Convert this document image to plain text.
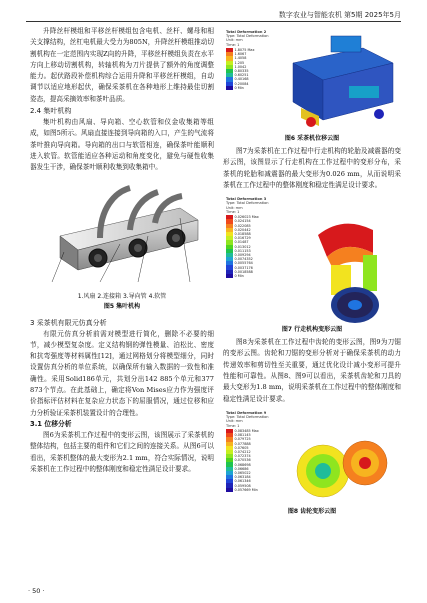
数字农业与智能农机 第5期 2025年5月

升降丝杆模组和平移丝杆模组包含电机、丝杆、螺母和相关支撑结构，丝杠电机最大受力为805N，升降丝杆模组推动切割机构在一定范围内实现Z向的升降，平移丝杆模组负责在水平方向上移动切割机构，转轴机构为刀片提供了额外的角度调整能力。起伏路段补偿机构综合运用升降和平移丝杆模组，自动调节以适应地形起伏，确保采茶机在各种地形上维持最佳切割姿态，提高采摘效率和茶叶品质。

2.4 集叶机构

集叶机构由风扇、导向箱、空心软管和仪金收集箱等组成，如图5所示。风扇直接连接到导向箱的入口，产生的气流将茶叶推向导向箱。导向箱的出口与软管相连，确保茶叶能顺利进入软管。软管能适应各种运动和角度变化，避免与硬性收集器发生干涉，确保茶叶顺利收集到收集箱中。

1.风扇 2.连接箱 3.导向管 4.软管
图5 集叶机构
3 采茶机有限元仿真分析

有限元仿真分析前需对模型进行简化，删除不必要的细节，减少模型复杂度。定义结构钢的弹性模量、泊松比、密度和抗弯强度等材料属性[12]，通过网格划分将模型细分，同时设置仿真分析的单位系统，以确保所有输入数据的一致性和准确性。采用Solid186单元，共划分出142 885个单元和377 873个节点。在此基础上，确定将Von Mises应力作为强度评价指标评估材料在复杂应力状态下的屈服情况，通过位移和应力分析验证采茶机装置设计的合理性。

3.1 位移分析

图6为采茶机工作过程中的变形云图，该图展示了采茶机的整体结构，包括主要的组件和它们之间的连接关系。从图6可以看出，采茶机整体的最大变形为2.1 mm，符合实际情况，说明采茶机在工作过程中的整体刚度和稳定性满足设计要求。

Total Deformation 2
Type: Total Deformation
Unit: mm
Time: 1
1.8075 Max
1.6067
1.4058
1.205
1.0042
0.80335
0.60251
0.40168
0.20084
0 Min
图6 采茶机位移云图

图7为采茶机在工作过程中行走机构的轮胎及减震器的变形云图，该图显示了行走机构在工作过程中的变形分布，采茶机的轮胎和减震器的最大变形为0.026 mm，从而说明采茶机在工作过程中的整体刚度和稳定性满足设计要求。

Total Deformation 3
Type: Total Deformation
Unit: mm
Time: 1
0.026023 Max
0.024154
0.022085
0.020442
0.018588
0.016729
0.01487
0.013012
0.011153
0.009294
0.0074352
0.0055764
0.0037176
0.0018588
0 Min
图7 行走机构变形云图

图8为采茶机在工作过程中齿轮的变形云图，图9为刀锯的变形云图。齿轮和刀锯的变形分析对于确保采茶机的动力传递效率和剪切性至关重要，通过优化设计减小变形可提升性能和可靠性。从图8、图9可以看出，采茶机齿轮和刀具的最大变形为1.8 mm，说明采茶机在工作过程中的整体刚度和稳定性满足设计要求。

Total Deformation 9
Type: Total Deformation
Unit: mm
Time: 1
0.083485 Max
0.081145
0.079725
0.077888
0.07605
0.074212
0.072374
0.070536
0.068698
0.06686
0.065022
0.063184
0.061346
0.059508
0.057669 Min
图8 齿轮变形云图
· 50 ·
